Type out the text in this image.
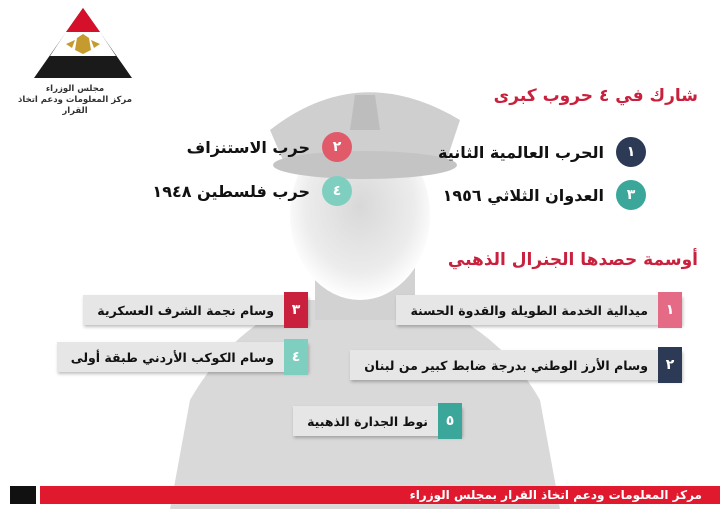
مجلس الوزراء
مركز المعلومات ودعم اتخاذ القرار
شارك في ٤ حروب كبرى
١
الحرب العالمية الثانية
٢
حرب الاستنزاف
٣
العدوان الثلاثي ١٩٥٦
٤
حرب فلسطين ١٩٤٨
أوسمة حصدها الجنرال الذهبي
١
ميدالية الخدمة الطويلة والقدوة الحسنة
٢
وسام الأرز الوطني بدرجة ضابط كبير من لبنان
٣
وسام نجمة الشرف العسكرية
٤
وسام الكوكب الأردني طبقة أولى
٥
نوط الجدارة الذهبية
مركز المعلومات ودعم اتخاذ القرار بمجلس الوزراء
